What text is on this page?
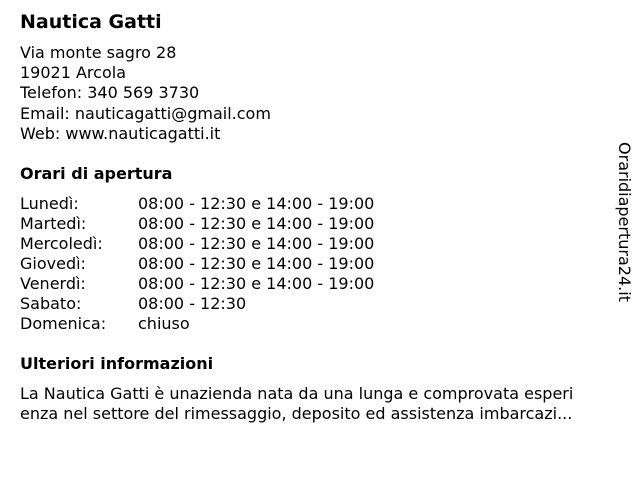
Nautica Gatti
Via monte sagro 28
19021 Arcola
Telefon: 340 569 3730
Email: nauticagatti@gmail.com
Web: www.nauticagatti.it
Orari di apertura
Lunedì:	08:00 - 12:30 e 14:00 - 19:00
Martedì:	08:00 - 12:30 e 14:00 - 19:00
Mercoledì:	08:00 - 12:30 e 14:00 - 19:00
Giovedì:	08:00 - 12:30 e 14:00 - 19:00
Venerdì:	08:00 - 12:30 e 14:00 - 19:00
Sabato:	08:00 - 12:30
Domenica:	chiuso
Ulteriori informazioni
La Nautica Gatti è unazienda nata da una lunga e comprovata esperi
enza nel settore del rimessaggio, deposito ed assistenza imbarcazi...
Oraridiapertura24.it
